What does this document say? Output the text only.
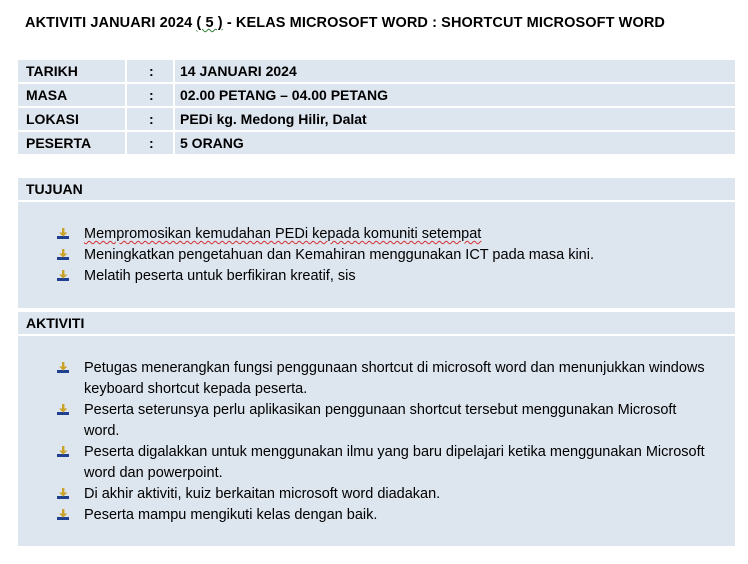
AKTIVITI JANUARI 2024 ( 5 ) - KELAS MICROSOFT WORD : SHORTCUT MICROSOFT WORD
TARIKH	:	14 JANUARI 2024
MASA	:	02.00 PETANG – 04.00 PETANG
LOKASI	:	PEDi kg. Medong Hilir, Dalat
PESERTA	:	5 ORANG
TUJUAN
Mempromosikan kemudahan PEDi kepada komuniti setempat
Meningkatkan pengetahuan dan Kemahiran menggunakan ICT pada masa kini.
Melatih peserta untuk berfikiran kreatif, sis
AKTIVITI
Petugas menerangkan fungsi penggunaan shortcut di microsoft word dan menunjukkan windows keyboard shortcut kepada peserta.
Peserta seterunsya perlu aplikasikan penggunaan shortcut tersebut menggunakan Microsoft word.
Peserta digalakkan untuk menggunakan ilmu yang baru dipelajari ketika menggunakan Microsoft word dan powerpoint.
Di akhir aktiviti, kuiz berkaitan microsoft word diadakan.
Peserta mampu mengikuti kelas dengan baik.
